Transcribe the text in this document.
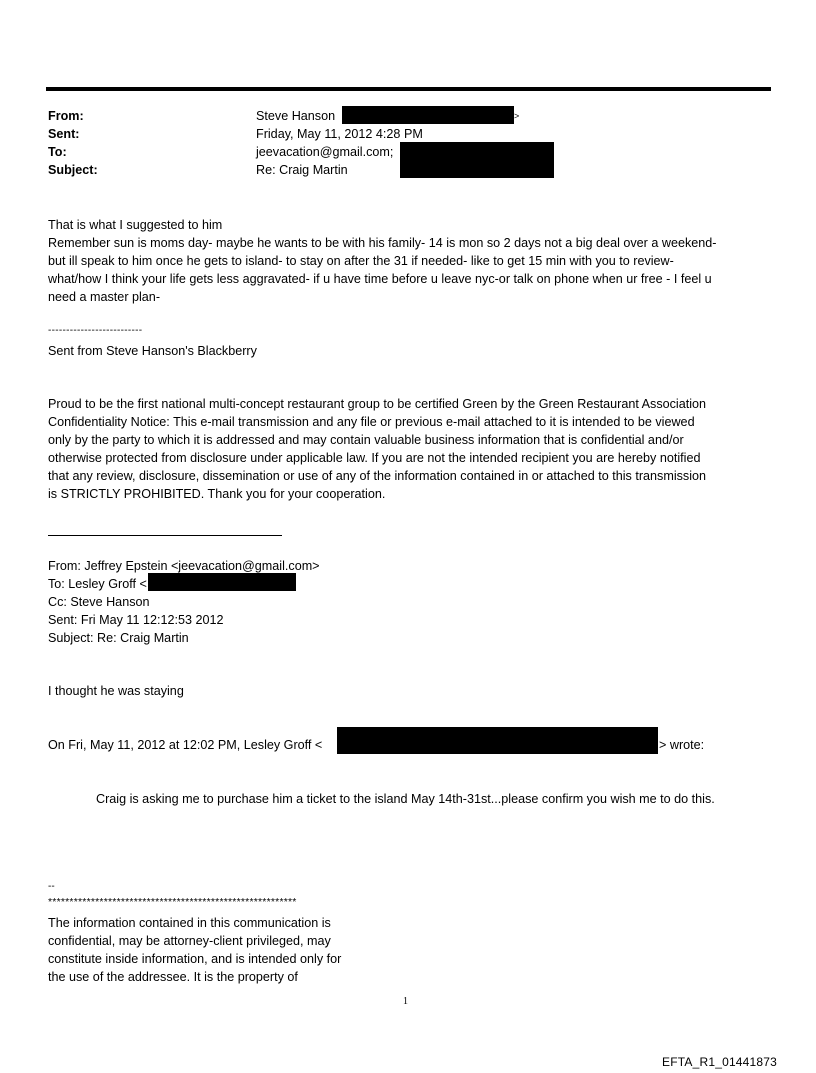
From:
Sent:
To:
Subject:
Steve Hanson	>
Friday, May 11, 2012 4:28 PM
jeevacation@gmail.com;
Re: Craig Martin
That is what I suggested to him
Remember sun is moms day- maybe he wants to be with his family- 14 is mon so 2 days not a big deal over a weekend-
but ill speak to him once he gets to island- to stay on after the 31 if needed- like to get 15 min with you to review-
what/how I think your life gets less aggravated- if u have time before u leave nyc-or talk on phone when ur free - I feel u
need a master plan-
--------------------------
Sent from Steve Hanson's Blackberry
Proud to be the first national multi-concept restaurant group to be certified Green by the Green Restaurant Association
Confidentiality Notice: This e-mail transmission and any file or previous e-mail attached to it is intended to be viewed
only by the party to which it is addressed and may contain valuable business information that is confidential and/or
otherwise protected from disclosure under applicable law. If you are not the intended recipient you are hereby notified
that any review, disclosure, dissemination or use of any of the information contained in or attached to this transmission
is STRICTLY PROHIBITED. Thank you for your cooperation.
From: Jeffrey Epstein <jeevacation@gmail.com>
To: Lesley Groff <
Cc: Steve Hanson
Sent: Fri May 11 12:12:53 2012
Subject: Re: Craig Martin
I thought he was staying
On Fri, May 11, 2012 at 12:02 PM, Lesley Groff <	> wrote:
Craig is asking me to purchase him a ticket to the island May 14th-31st...please confirm you wish me to do this.
--
**********************************************************
The information contained in this communication is
confidential, may be attorney-client privileged, may
constitute inside information, and is intended only for
the use of the addressee. It is the property of
1
EFTA_R1_01441873
